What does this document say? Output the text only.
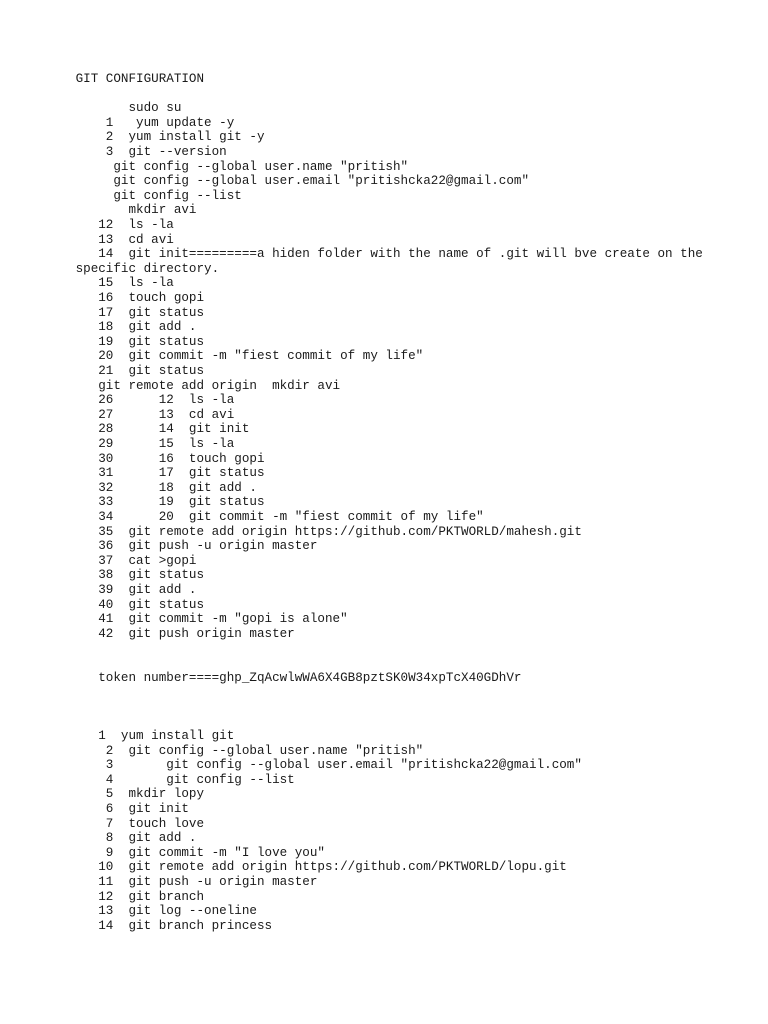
GIT CONFIGURATION
sudo su
1   yum update -y
2  yum install git -y
3  git --version
git config --global user.name "pritish"
git config --global user.email "pritishcka22@gmail.com"
git config --list
mkdir avi
12  ls -la
13  cd avi
14  git init=========a hiden folder with the name of .git will bve create on the
specific directory.
15  ls -la
16  touch gopi
17  git status
18  git add .
19  git status
20  git commit -m "fiest commit of my life"
21  git status
git remote add origin  mkdir avi
26      12  ls -la
27      13  cd avi
28      14  git init
29      15  ls -la
30      16  touch gopi
31      17  git status
32      18  git add .
33      19  git status
34      20  git commit -m "fiest commit of my life"
35  git remote add origin https://github.com/PKTWORLD/mahesh.git
36  git push -u origin master
37  cat >gopi
38  git status
39  git add .
40  git status
41  git commit -m "gopi is alone"
42  git push origin master
token number====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
1  yum install git
2  git config --global user.name "pritish"
3       git config --global user.email "pritishcka22@gmail.com"
4       git config --list
5  mkdir lopy
6  git init
7  touch love
8  git add .
9  git commit -m "I love you"
10  git remote add origin https://github.com/PKTWORLD/lopu.git
11  git push -u origin master
12  git branch
13  git log --oneline
14  git branch princess
